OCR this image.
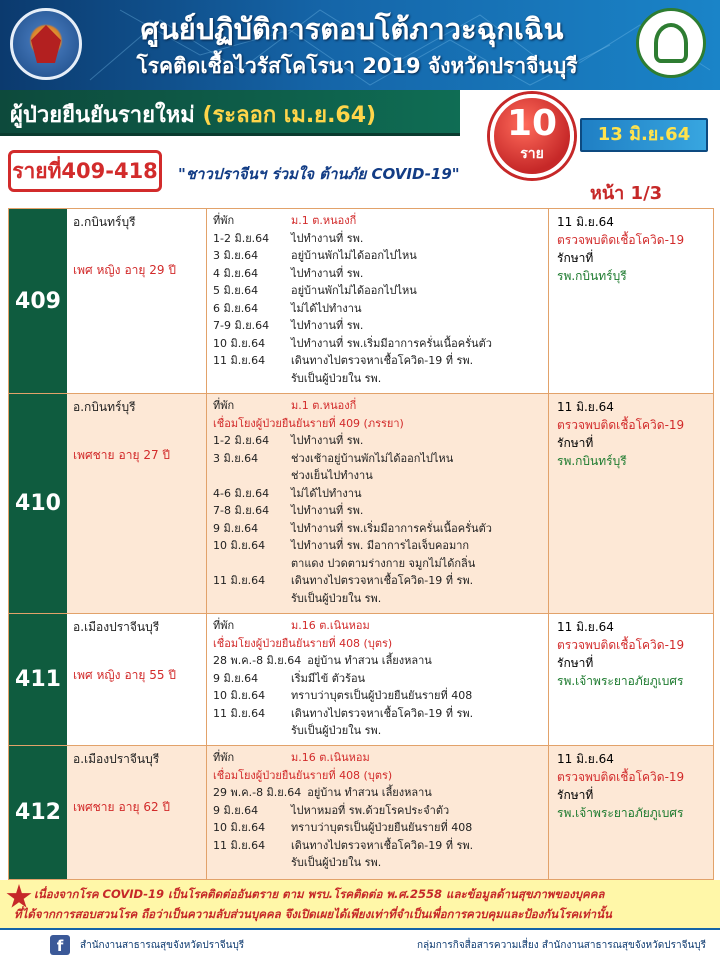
ศูนย์ปฏิบัติการตอบโต้ภาวะฉุกเฉิน
โรคติดเชื้อไวรัสโคโรนา 2019 จังหวัดปราจีนบุรี
ผู้ป่วยยืนยันรายใหม่ (ระลอก เม.ย.64)	10
ราย
13 มิ.ย.64
รายที่409-418 "ชาวปราจีนฯ ร่วมใจ ต้านภัย COVID-19"
หน้า 1/3
409
อ.กบินทร์บุรี
เพศ หญิง อายุ 29 ปี
ที่พัก	ม.1 ต.หนองกี่
1-2 มิ.ย.64 ไปทำงานที่ รพ.
3 มิ.ย.64	อยู่บ้านพักไม่ได้ออกไปไหน
4 มิ.ย.64	ไปทำงานที่ รพ.
5 มิ.ย.64	อยู่บ้านพักไม่ได้ออกไปไหน
6 มิ.ย.64	ไม่ได้ไปทำงาน
7-9 มิ.ย.64 ไปทำงานที่ รพ.
10 มิ.ย.64 ไปทำงานที่ รพ.เริ่มมีอาการครั่นเนื้อครั่นตัว
11 มิ.ย.64 เดินทางไปตรวจหาเชื้อโควิด-19 ที่ รพ.
รับเป็นผู้ป่วยใน รพ.
11 มิ.ย.64
ตรวจพบติดเชื้อโควิด-19
รักษาที่
รพ.กบินทร์บุรี
410
อ.กบินทร์บุรี
เพศชาย อายุ 27 ปี
ที่พัก	ม.1 ต.หนองกี่
เชื่อมโยงผู้ป่วยยืนยันรายที่ 409 (ภรรยา)
1-2 มิ.ย.64 ไปทำงานที่ รพ.
3 มิ.ย.64	ช่วงเช้าอยู่บ้านพักไม่ได้ออกไปไหน
ช่วงเย็นไปทำงาน
4-6 มิ.ย.64 ไม่ได้ไปทำงาน
7-8 มิ.ย.64 ไปทำงานที่ รพ.
9 มิ.ย.64	ไปทำงานที่ รพ.เริ่มมีอาการครั่นเนื้อครั่นตัว
10 มิ.ย.64 ไปทำงานที่ รพ. มีอาการไอเจ็บคอมาก
ตาแดง ปวดตามร่างกาย จมูกไม่ได้กลิ่น
11 มิ.ย.64 เดินทางไปตรวจหาเชื้อโควิด-19 ที่ รพ.
รับเป็นผู้ป่วยใน รพ.
11 มิ.ย.64
ตรวจพบติดเชื้อโควิด-19
รักษาที่
รพ.กบินทร์บุรี
411
อ.เมืองปราจีนบุรี
เพศ หญิง อายุ 55 ปี
ที่พัก	ม.16 ต.เนินหอม
เชื่อมโยงผู้ป่วยยืนยันรายที่ 408 (บุตร)
28 พ.ค.-8 มิ.ย.64 อยู่บ้าน ทำสวน เลี้ยงหลาน
9 มิ.ย.64	เริ่มมีไข้ ตัวร้อน
10 มิ.ย.64 ทราบว่าบุตรเป็นผู้ป่วยยืนยันรายที่ 408
11 มิ.ย.64 เดินทางไปตรวจหาเชื้อโควิด-19 ที่ รพ.
รับเป็นผู้ป่วยใน รพ.
11 มิ.ย.64
ตรวจพบติดเชื้อโควิด-19
รักษาที่
รพ.เจ้าพระยาอภัยภูเบศร
412
อ.เมืองปราจีนบุรี
เพศชาย อายุ 62 ปี
ที่พัก	ม.16 ต.เนินหอม
เชื่อมโยงผู้ป่วยยืนยันรายที่ 408 (บุตร)
29 พ.ค.-8 มิ.ย.64 อยู่บ้าน ทำสวน เลี้ยงหลาน
9 มิ.ย.64	ไปหาหมอที่ รพ.ด้วยโรคประจำตัว
10 มิ.ย.64 ทราบว่าบุตรเป็นผู้ป่วยยืนยันรายที่ 408
11 มิ.ย.64 เดินทางไปตรวจหาเชื้อโควิด-19 ที่ รพ.
รับเป็นผู้ป่วยใน รพ.
11 มิ.ย.64
ตรวจพบติดเชื้อโควิด-19
รักษาที่
รพ.เจ้าพระยาอภัยภูเบศร
เนื่องจากโรค COVID-19 เป็นโรคติดต่ออันตราย ตาม พรบ.โรคติดต่อ พ.ศ.2558 และข้อมูลด้านสุขภาพของบุคคล
ที่ได้จากการสอบสวนโรค ถือว่าเป็นความลับส่วนบุคคล จึงเปิดเผยได้เพียงเท่าที่จำเป็นเพื่อการควบคุมและป้องกันโรคเท่านั้น
f	สำนักงานสาธารณสุขจังหวัดปราจีนบุรี	กลุ่มการกิจสื่อสารความเสี่ยง สำนักงานสาธารณสุขจังหวัดปราจีนบุรี
